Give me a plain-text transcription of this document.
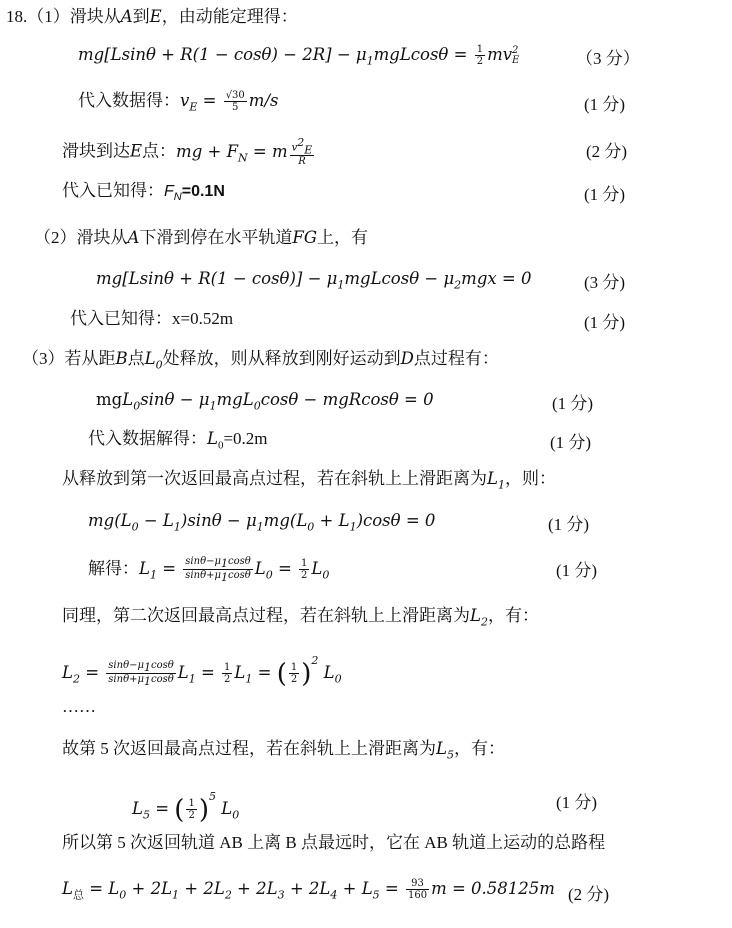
18.（1）滑块从A到E，由动能定理得：
$mg[Lsin\theta + R(1 - \cos\theta) - 2R] - \mu_1mgLcos\theta = \frac{1}{2}$ mv 2
E	（3 分）
代入数据得：$v_E = \frac{√30}{5} m/s$	(1 分)
滑块到达E点：mg + $F_N = m \frac{v^2_E}{R}$	(2 分)
代入已知得：$F_N=0.1N$	(1 分)
（2）滑块从A下滑到停在水平轨道FG上，有
$mg[Lsin\theta + R(1 - \cos\theta)] - \mu_1mgLcos\theta - \mu_2mgx = 0$	(3 分)
代入已知得：x=0.52m	(1 分)
（3）若从距B点$L_0$处释放，则从释放到刚好运动到D点过程有：
$mgL_0\sin\theta - \mu_1mgL_0\cos\theta - mgRcos\theta = 0$	(1 分)
代入数据解得：$L_0=0.2m$	(1 分)
从释放到第一次返回最高点过程，若在斜轨上上滑距离为$L_1$，则：
$mg(L_0 - L_1)\sin\theta - \mu_1mg(L_0 + L_1)\cos\theta = 0$	(1 分)
解得：$L_1 = \frac{\sin\theta-\mu_1\cos\theta}{\sin\theta+\mu_1\cos\theta} L_0 = \frac{1}{2} L_0$	(1 分)
同理，第二次返回最高点过程，若在斜轨上上滑距离为$L_2$，有：
$L_2 = \frac{\sin\theta-\mu_1\cos\theta}{\sin\theta+\mu_1\cos\theta} L_1 = \frac{1}{2} L_1$ = ( $\frac{1}{2} )^2$ $L_0$
……
故第 5 次返回最高点过程，若在斜轨上上滑距离为$L_5$，有：
$L_5$ = ( $\frac{1}{2} )^5$ $L_0$
(1 分)
所以第 5 次返回轨道 AB 上离 B 点最远时，它在 AB 轨道上运动的总路程
$L_总 = L_0 + 2L_1 + 2L_2 + 2L_3 + 2L_4 + L_5 = \frac{93}{160}$ m = 0.58125m (2 分)
